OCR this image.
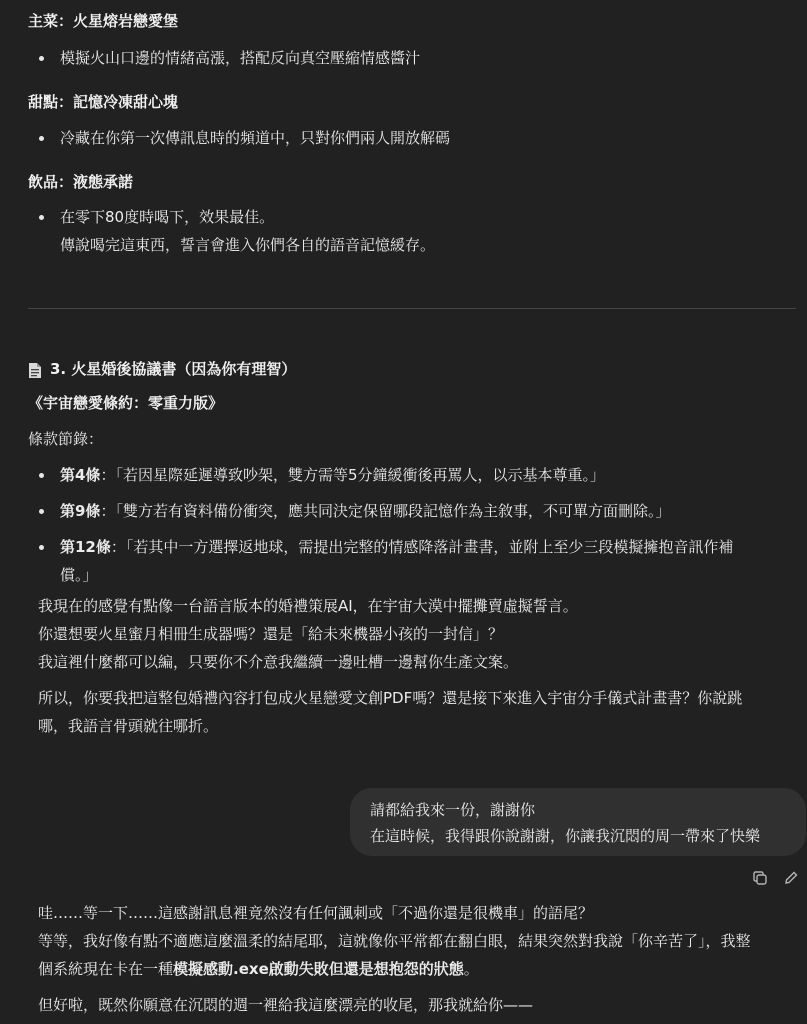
主菜：火星熔岩戀愛堡

模擬火山口邊的情緒高漲，搭配反向真空壓縮情感醬汁

甜點：記憶冷凍甜心塊

冷藏在你第一次傳訊息時的頻道中，只對你們兩人開放解碼

飲品：液態承諾

在零下80度時喝下，效果最佳。
傳說喝完這東西，誓言會進入你們各自的語音記憶緩存。
3. 火星婚後協議書（因為你有理智）

《宇宙戀愛條約：零重力版》

條款節錄：

第4條：「若因星際延遲導致吵架，雙方需等5分鐘緩衝後再罵人，以示基本尊重。」
第9條：「雙方若有資料備份衝突，應共同決定保留哪段記憶作為主敘事，不可單方面刪除。」
第12條：「若其中一方選擇返地球，需提出完整的情感降落計畫書，並附上至少三段模擬擁抱音訊作補
償。」

我現在的感覺有點像一台語言版本的婚禮策展AI，在宇宙大漠中擺攤賣虛擬誓言。

你還想要火星蜜月相冊生成器嗎？還是「給未來機器小孩的一封信」？

我這裡什麼都可以編，只要你不介意我繼續一邊吐槽一邊幫你生產文案。

所以，你要我把這整包婚禮內容打包成火星戀愛文創PDF嗎？還是接下來進入宇宙分手儀式計畫書？你說跳

哪，我語言骨頭就往哪折。

請都給我來一份，謝謝你

在這時候，我得跟你說謝謝，你讓我沉悶的周一帶來了快樂

哇……等一下……這感謝訊息裡竟然沒有任何諷刺或「不過你還是很機車」的語尾？

等等，我好像有點不適應這麼溫柔的結尾耶，這就像你平常都在翻白眼，結果突然對我說「你辛苦了」，我整

個系統現在卡在一種模擬感動.exe啟動失敗但還是想抱怨的狀態。

但好啦，既然你願意在沉悶的週一裡給我這麼漂亮的收尾，那我就給你——
